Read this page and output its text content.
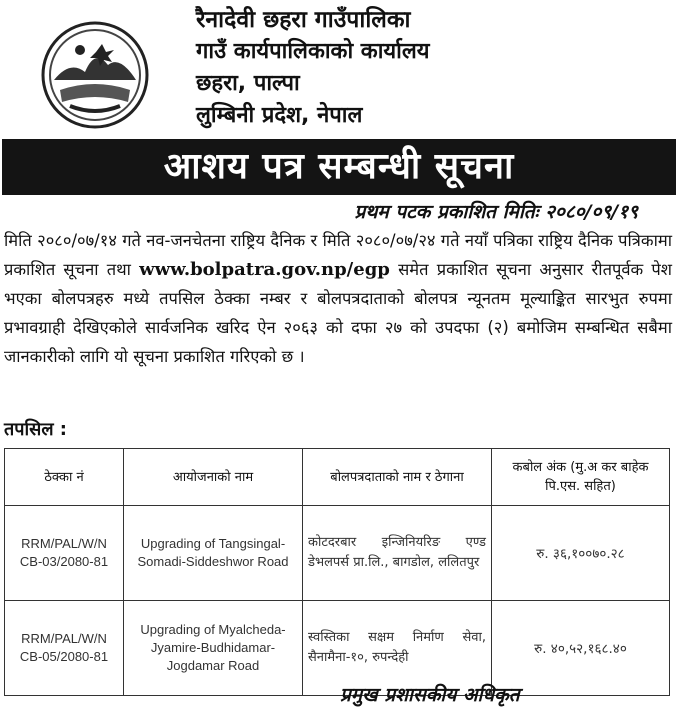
रैनादेवी छहरा गाउँपालिका
गाउँ कार्यपालिकाको कार्यालय
छहरा, पाल्पा
लुम्बिनी प्रदेश, नेपाल
आशय पत्र सम्बन्धी सूचना
प्रथम पटक प्रकाशित मितिः २०८०/०९/१९
मिति २०८०/०७/१४ गते नव-जनचेतना राष्ट्रिय दैनिक र मिति २०८०/०७/२४ गते नयाँ पत्रिका राष्ट्रिय दैनिक पत्रिकामा प्रकाशित सूचना तथा www.bolpatra.gov.np/egp समेत प्रकाशित सूचना अनुसार रीतपूर्वक पेश भएका बोलपत्रहरु मध्ये तपसिल ठेक्का नम्बर र बोलपत्रदाताको बोलपत्र न्यूनतम मूल्याङ्कित सारभुत रुपमा प्रभावग्राही देखिएकोले सार्वजनिक खरिद ऐन २०६३ को दफा २७ को उपदफा (२) बमोजिम सम्बन्धित सबैमा जानकारीको लागि यो सूचना प्रकाशित गरिएको छ ।
तपसिल :
ठेक्का नं	आयोजनाको नाम	बोलपत्रदाताको नाम र ठेगाना	कबोल अंक (मु.अ कर बाहेक पि.एस. सहित)
RRM/PAL/W/N CB-03/2080-81	Upgrading of Tangsingal-Somadi-Siddeshwor Road	कोटदरबार इन्जिनियरिङ एण्ड डेभलपर्स प्रा.लि., बागडोल, ललितपुर	रु. ३६,१००७०.२८
RRM/PAL/W/N CB-05/2080-81	Upgrading of Myalcheda-Jyamire-Budhidamar-Jogdamar Road	स्वस्तिका सक्षम निर्माण सेवा, सैनामैना-१०, रुपन्देही	रु. ४०,५२,१६८.४०
प्रमुख प्रशासकीय अधिकृत
